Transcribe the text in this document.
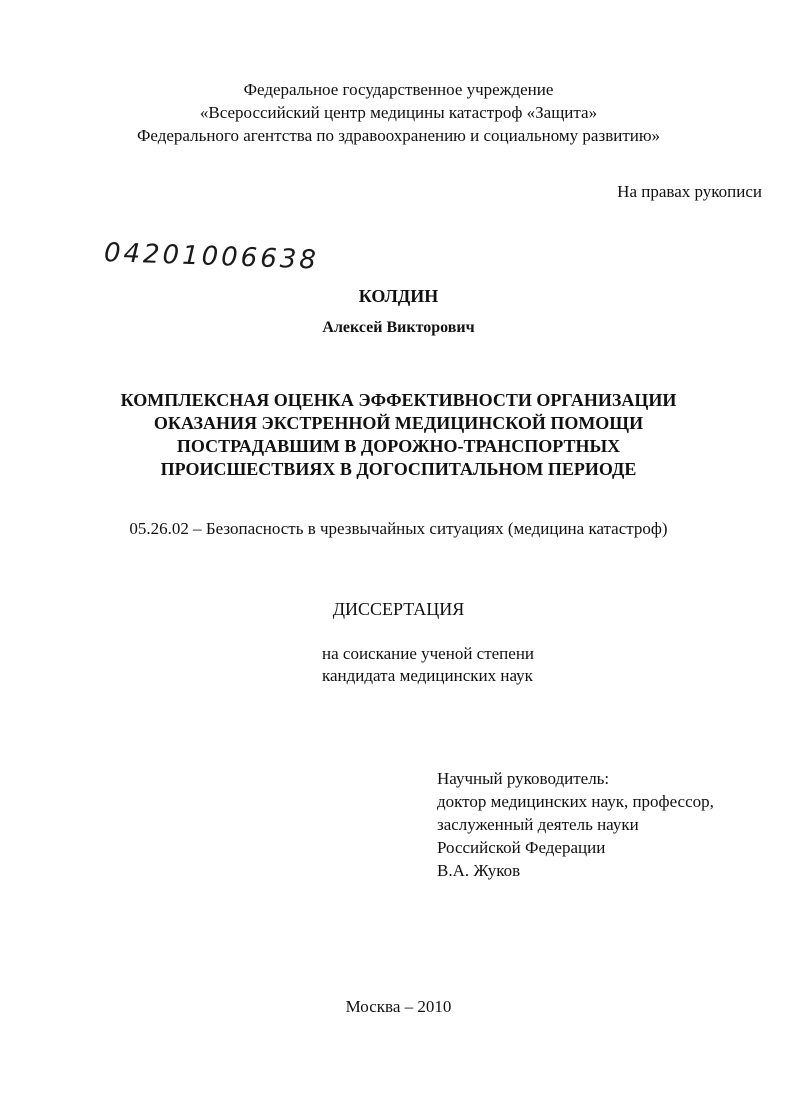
Федеральное государственное учреждение
«Всероссийский центр медицины катастроф «Защита»
Федерального агентства по здравоохранению и социальному развитию»
На правах рукописи
04201006638
КОЛДИН
Алексей Викторович
КОМПЛЕКСНАЯ ОЦЕНКА ЭФФЕКТИВНОСТИ ОРГАНИЗАЦИИ
ОКАЗАНИЯ ЭКСТРЕННОЙ МЕДИЦИНСКОЙ ПОМОЩИ
ПОСТРАДАВШИМ В ДОРОЖНО-ТРАНСПОРТНЫХ
ПРОИСШЕСТВИЯХ В ДОГОСПИТАЛЬНОМ ПЕРИОДЕ
05.26.02 – Безопасность в чрезвычайных ситуациях (медицина катастроф)
ДИССЕРТАЦИЯ
на соискание ученой степени
кандидата медицинских наук
Научный руководитель:
доктор медицинских наук, профессор,
заслуженный деятель науки
Российской Федерации
В.А. Жуков
Москва – 2010
